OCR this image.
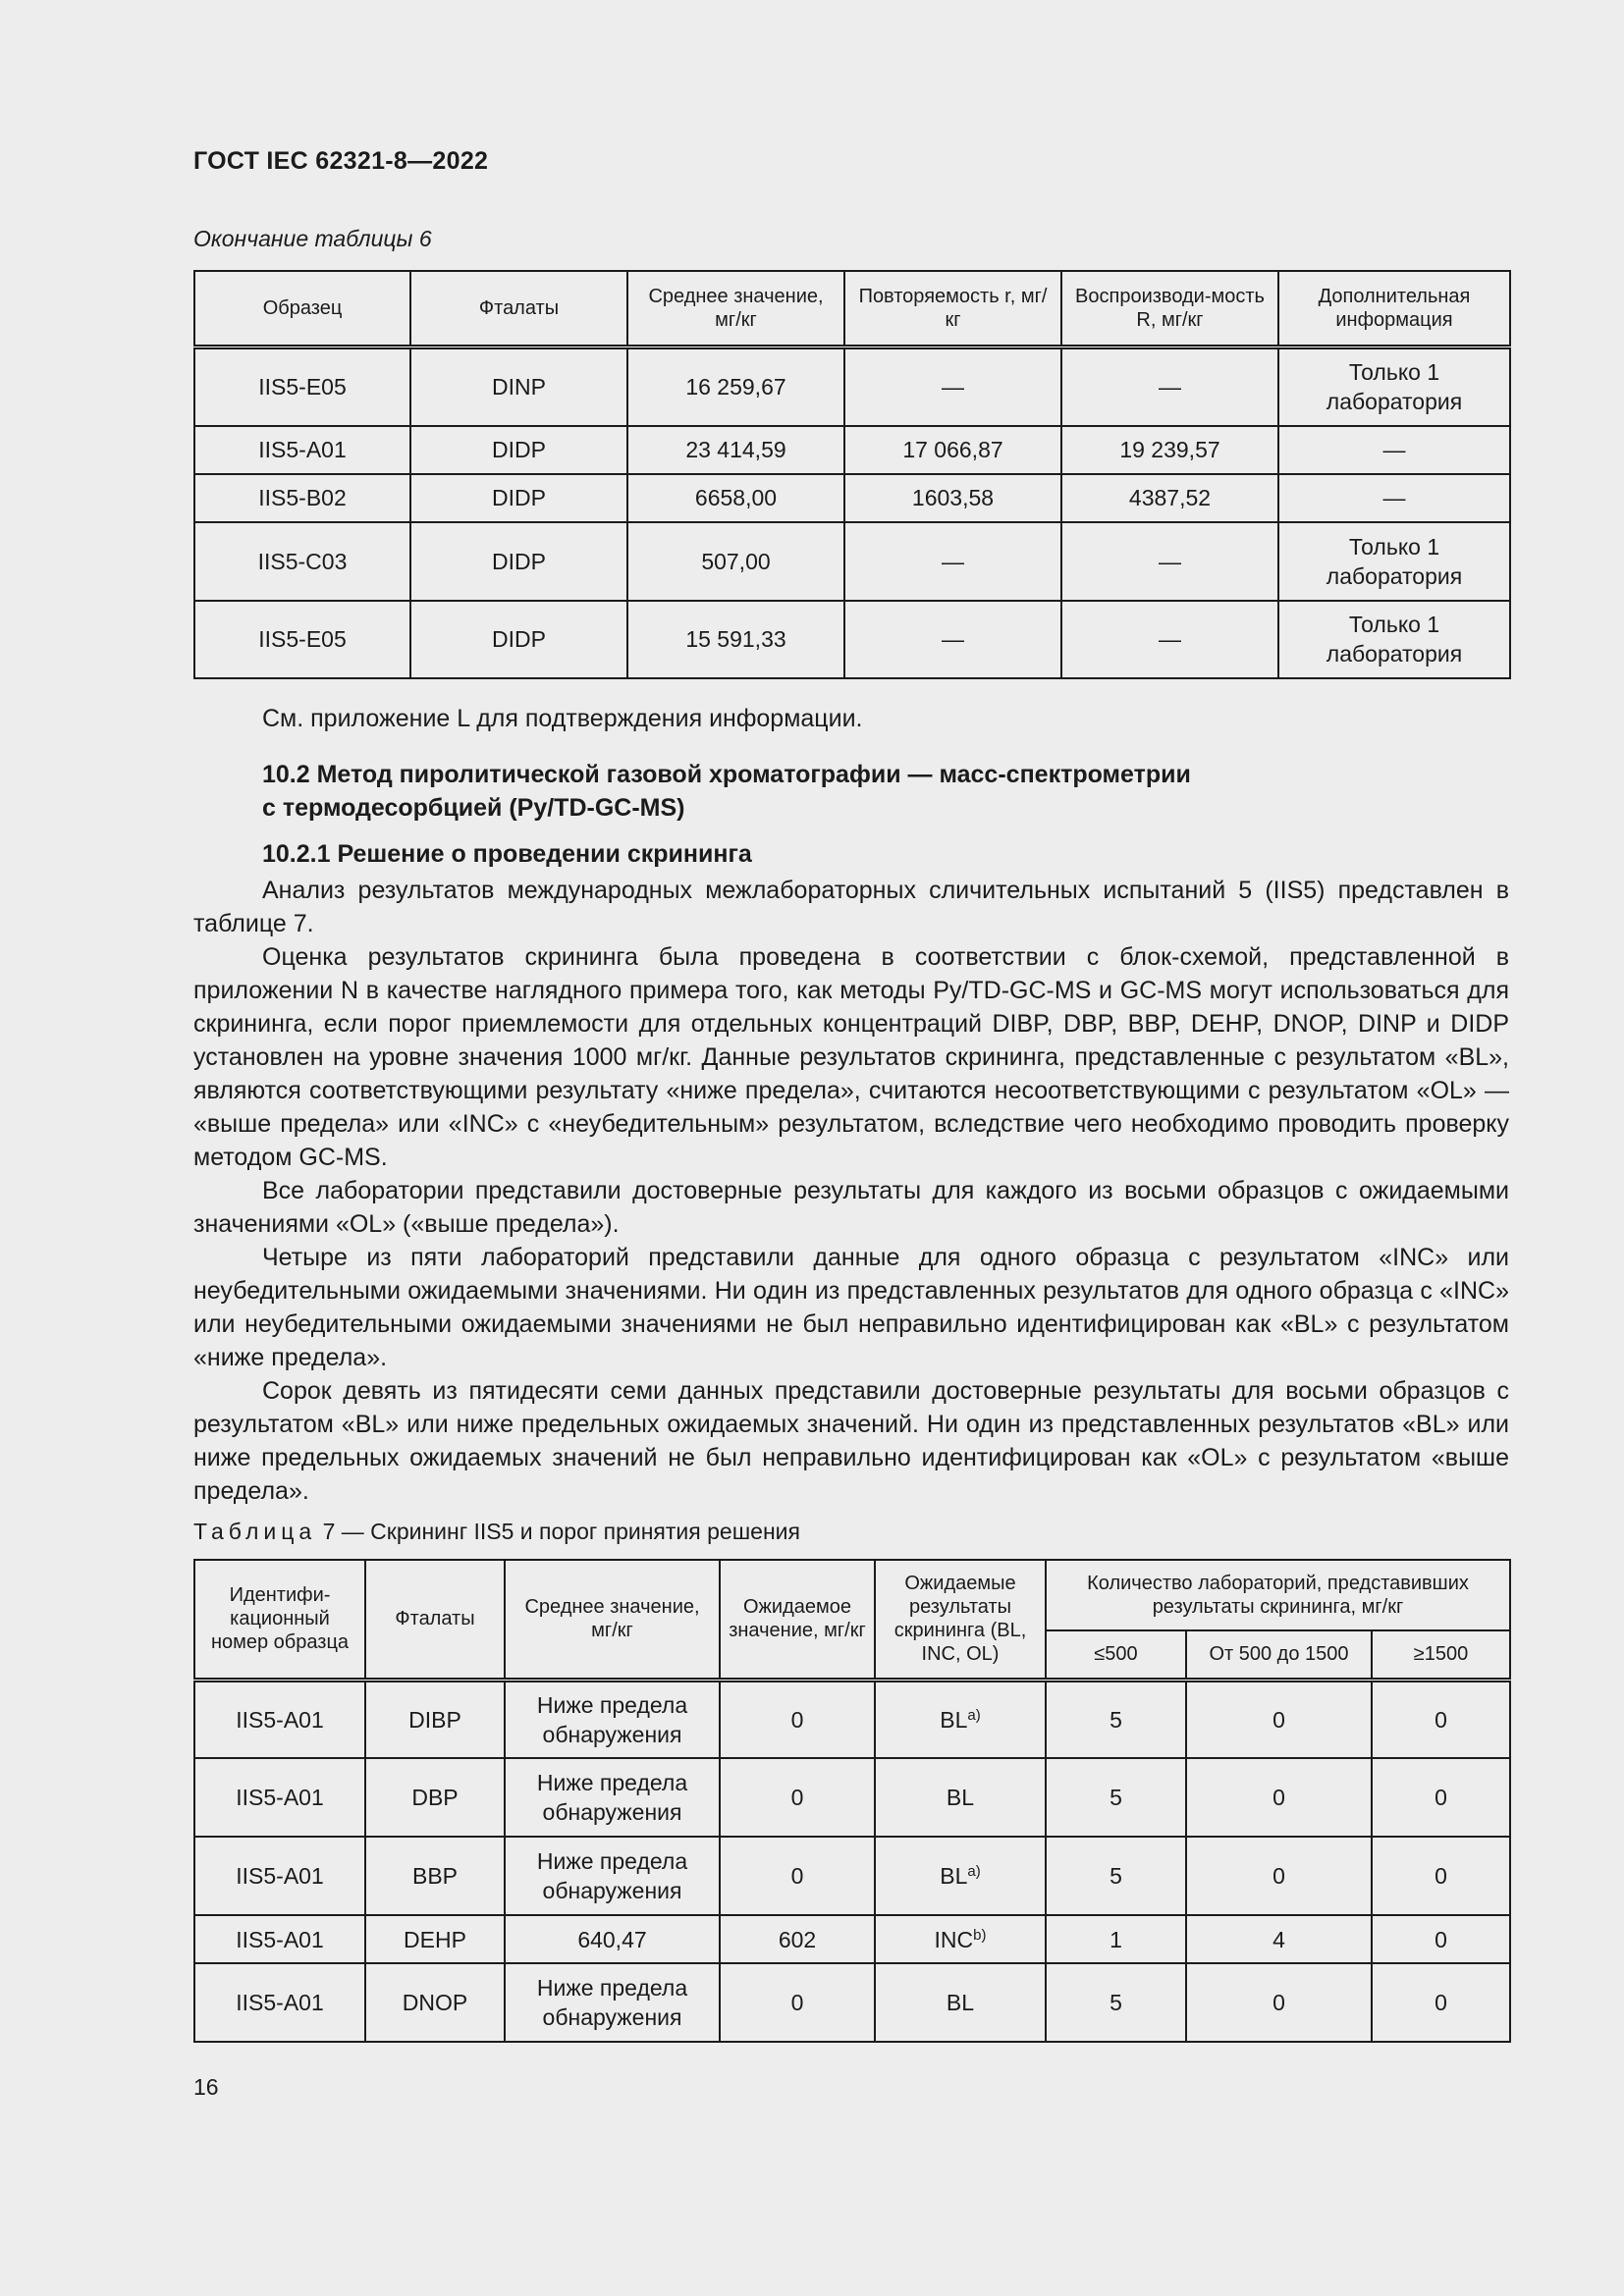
ГОСТ IEC 62321-8—2022
Окончание таблицы 6
Образец	Фталаты	Среднее значение, мг/кг	Повторяемость r, мг/кг	Воспроизводи-мость R, мг/кг	Дополнительная информация
IIS5-E05	DINP	16 259,67	—	—	Только 1 лаборатория
IIS5-A01	DIDP	23 414,59	17 066,87	19 239,57	—
IIS5-B02	DIDP	6658,00	1603,58	4387,52	—
IIS5-C03	DIDP	507,00	—	—	Только 1 лаборатория
IIS5-E05	DIDP	15 591,33	—	—	Только 1 лаборатория
См. приложение L для подтверждения информации.
10.2 Метод пиролитической газовой хроматографии — масс-спектрометрии
с термодесорбцией (Py/TD-GC-MS)
10.2.1 Решение о проведении скрининга

Анализ результатов международных межлабораторных сличительных испытаний 5 (IIS5) представлен в таблице 7.

Оценка результатов скрининга была проведена в соответствии с блок-схемой, представленной в приложении N в качестве наглядного примера того, как методы Py/TD-GC-MS и GC-MS могут использоваться для скрининга, если порог приемлемости для отдельных концентраций DIBP, DBP, BBP, DEHP, DNOP, DINP и DIDP установлен на уровне значения 1000 мг/кг. Данные результатов скрининга, представленные с результатом «BL», являются соответствующими результату «ниже предела», считаются несоответствующими с результатом «OL» — «выше предела» или «INC» с «неубедительным» результатом, вследствие чего необходимо проводить проверку методом GC-MS.

Все лаборатории представили достоверные результаты для каждого из восьми образцов с ожидаемыми значениями «OL» («выше предела»).

Четыре из пяти лабораторий представили данные для одного образца с результатом «INC» или неубедительными ожидаемыми значениями. Ни один из представленных результатов для одного образца с «INC» или неубедительными ожидаемыми значениями не был неправильно идентифицирован как «BL» с результатом «ниже предела».

Сорок девять из пятидесяти семи данных представили достоверные результаты для восьми образцов с результатом «BL» или ниже предельных ожидаемых значений. Ни один из представленных результатов «BL» или ниже предельных ожидаемых значений не был неправильно идентифицирован как «OL» с результатом «выше предела».

Таблица 7 — Скрининг IIS5 и порог принятия решения
Идентифи-кационный номер образца	Фталаты	Среднее значение, мг/кг	Ожидаемое значение, мг/кг	Ожидаемые результаты скрининга (BL, INC, OL)	Количество лабораторий, представивших результаты скрининга, мг/кг		
					≤500	От 500 до 1500	≥1500
IIS5-A01	DIBP	Ниже предела обнаружения	0	BL$^{a)}$	5	0	0
IIS5-A01	DBP	Ниже предела обнаружения	0	BL	5	0	0
IIS5-A01	BBP	Ниже предела обнаружения	0	BL$^{a)}$	5	0	0
IIS5-A01	DEHP	640,47	602	INC$^{b)}$	1	4	0
IIS5-A01	DNOP	Ниже предела обнаружения	0	BL	5	0	0
16
